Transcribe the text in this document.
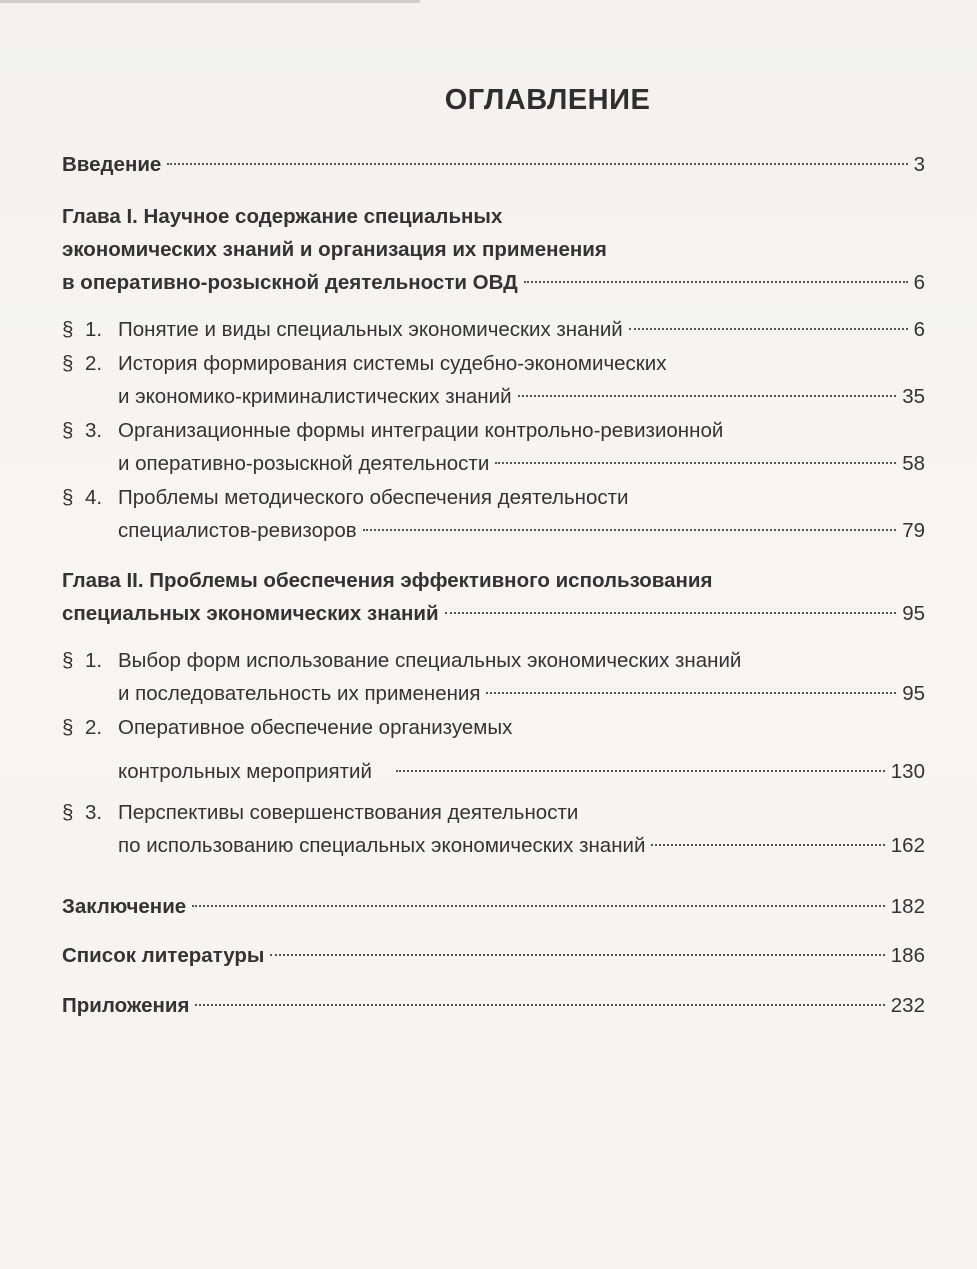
ОГЛАВЛЕНИЕ
Введение	3
Глава I. Научное содержание специальных
экономических знаний и организация их применения
в оперативно-розыскной деятельности ОВД	6
§ 1. Понятие и виды специальных экономических знаний	6
§ 2. История формирования системы судебно-экономических
и экономико-криминалистических знаний	35
§ 3. Организационные формы интеграции контрольно-ревизионной
и оперативно-розыскной деятельности	58
§ 4. Проблемы методического обеспечения деятельности
специалистов-ревизоров	79
Глава II. Проблемы обеспечения эффективного использования
специальных экономических знаний	95
§ 1. Выбор форм использование специальных экономических знаний
и последовательность их применения	95
§ 2. Оперативное обеспечение организуемых
контрольных мероприятий	130
§ 3. Перспективы совершенствования деятельности
по использованию специальных экономических знаний	162
Заключение	182
Список литературы	186
Приложения	232
